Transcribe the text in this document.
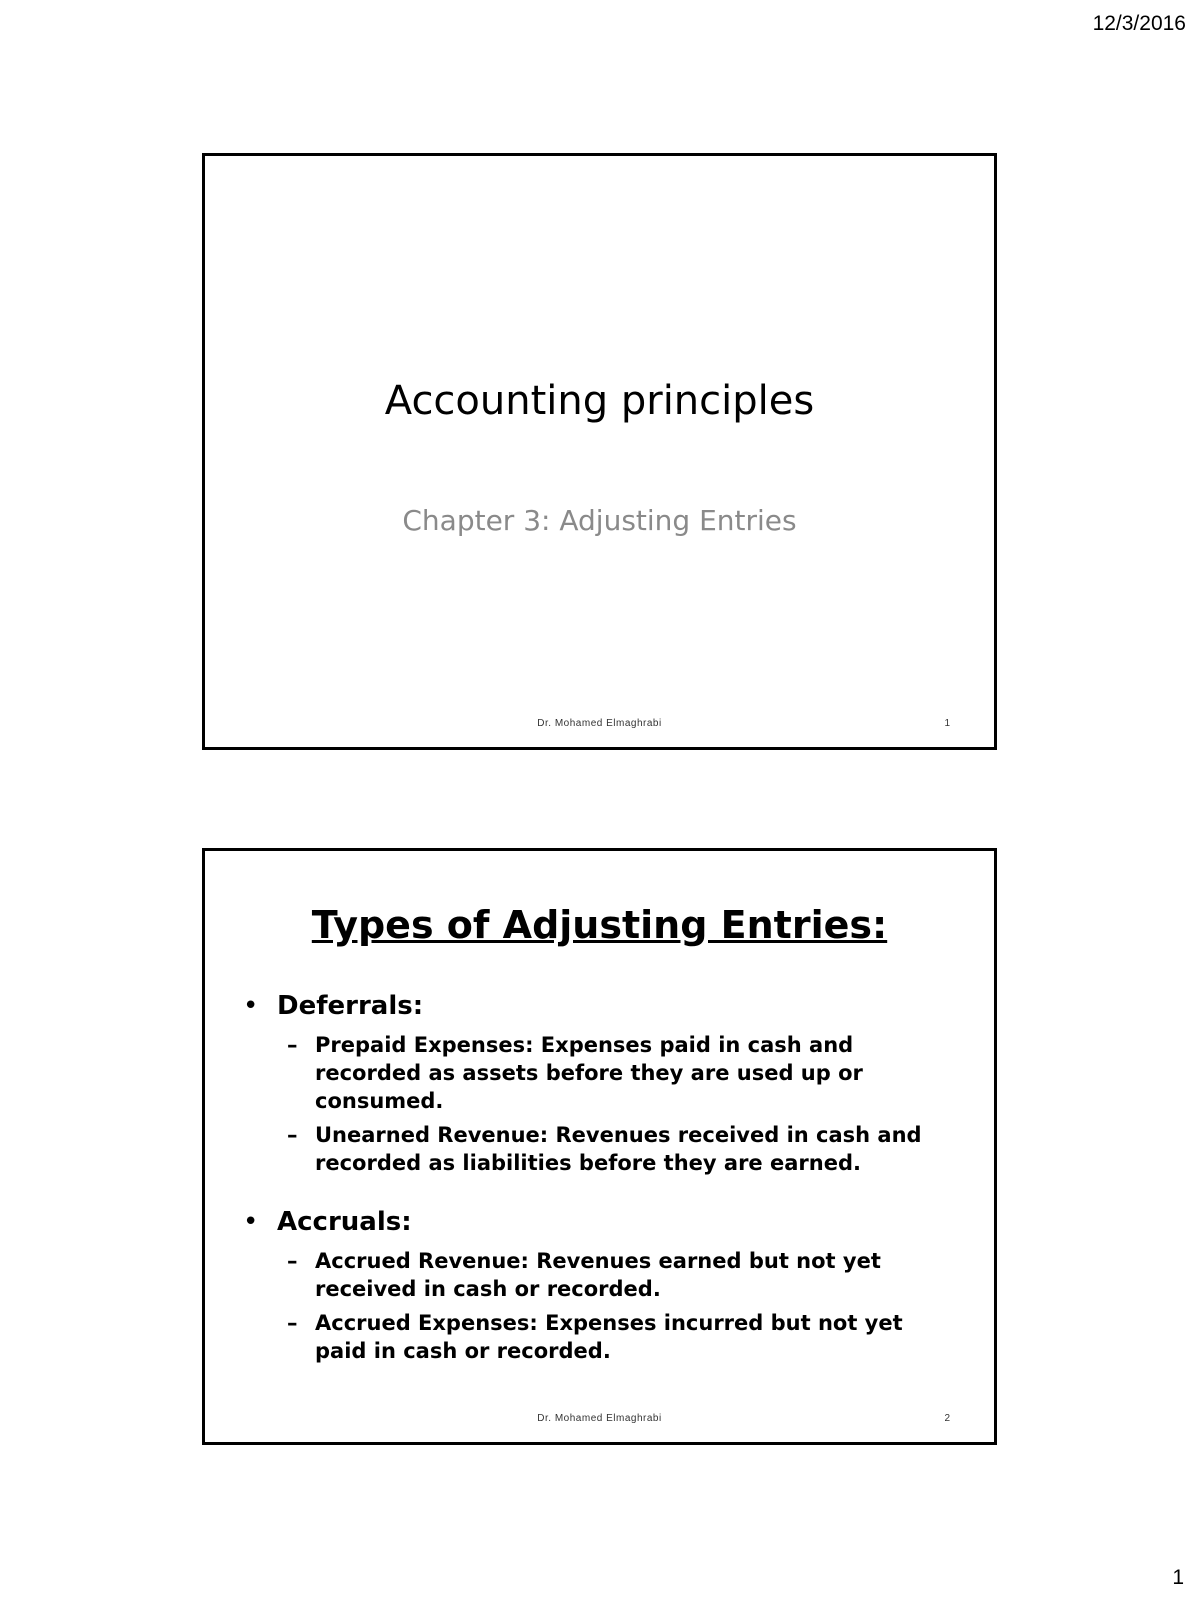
12/3/2016
Accounting principles
Chapter 3: Adjusting Entries
Dr. Mohamed Elmaghrabi	1
Types of Adjusting Entries:
• Deferrals:
– Prepaid Expenses: Expenses paid in cash and recorded as assets before they are used up or consumed.
– Unearned Revenue: Revenues received in cash and recorded as liabilities before they are earned.
• Accruals:
– Accrued Revenue: Revenues earned but not yet received in cash or recorded.
– Accrued Expenses: Expenses incurred but not yet paid in cash or recorded.
Dr. Mohamed Elmaghrabi	2
1
